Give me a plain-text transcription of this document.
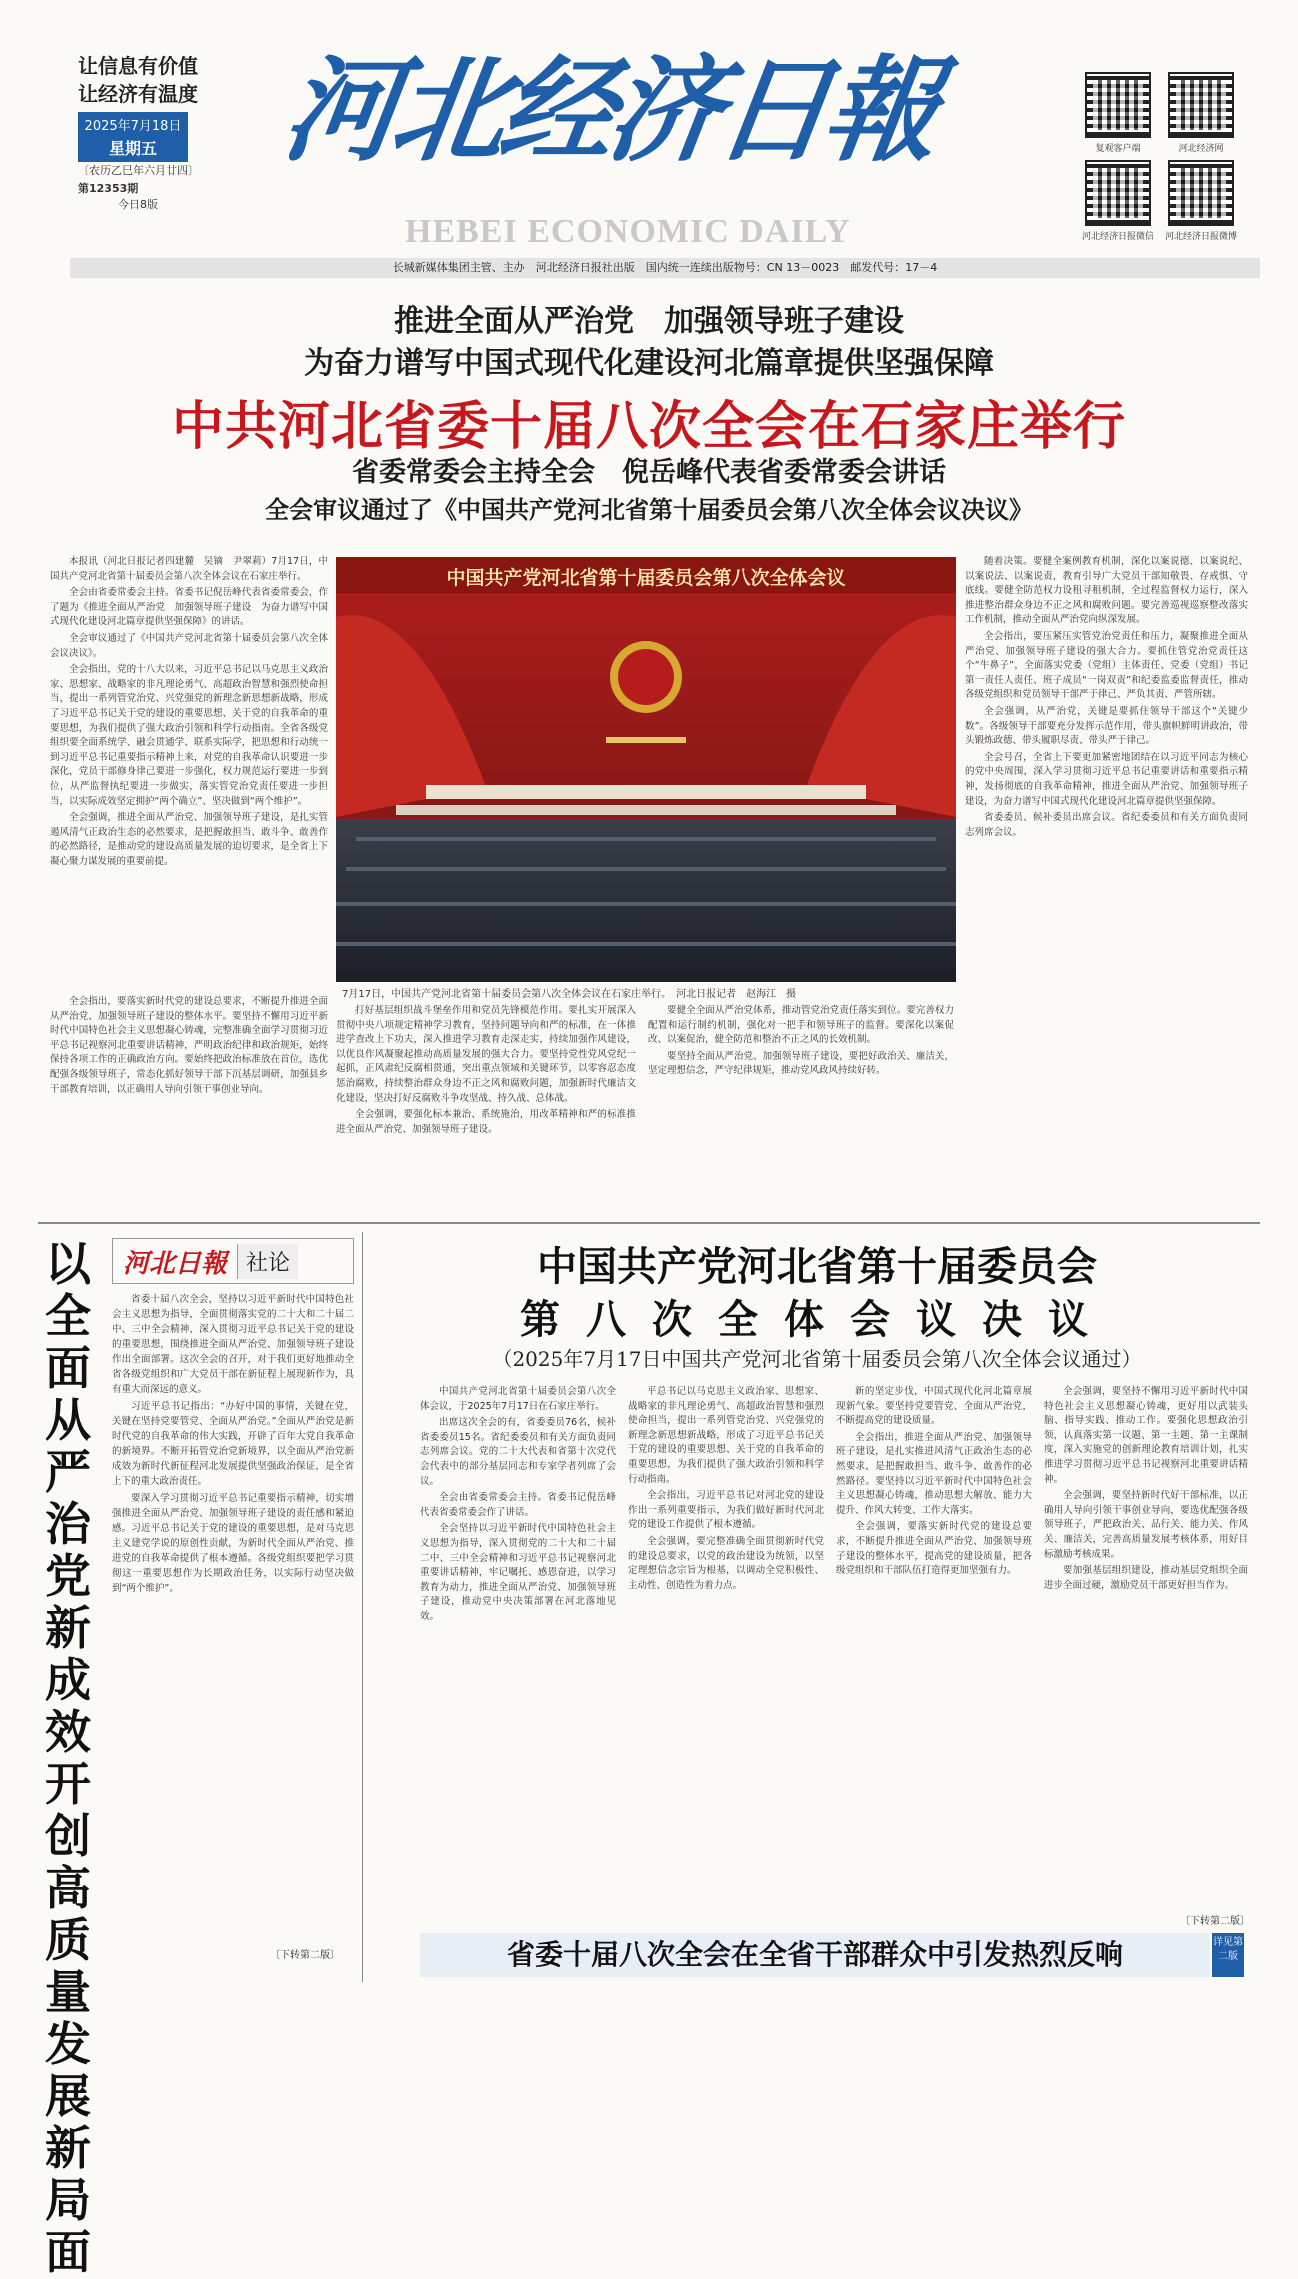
让信息有价值
让经济有温度
2025年7月18日
星期五
〔农历乙巳年六月廿四〕
第12353期
今日8版
河北经济日報
HEBEI ECONOMIC DAILY
复观客户端	河北经济网
河北经济日报微信	河北经济日报微博
长城新媒体集团主管、主办　河北经济日报社出版　国内统一连续出版物号：CN 13－0023　邮发代号：17－4
推进全面从严治党　加强领导班子建设
为奋力谱写中国式现代化建设河北篇章提供坚强保障
中共河北省委十届八次全会在石家庄举行
省委常委会主持全会　倪岳峰代表省委常委会讲话
全会审议通过了《中国共产党河北省第十届委员会第八次全体会议决议》

本报讯（河北日报记者四建麓　吴镝　尹翠莉）7月17日，中国共产党河北省第十届委员会第八次全体会议在石家庄举行。

全会由省委常委会主持。省委书记倪岳峰代表省委常委会，作了题为《推进全面从严治党　加强领导班子建设　为奋力谱写中国式现代化建设河北篇章提供坚强保障》的讲话。

全会审议通过了《中国共产党河北省第十届委员会第八次全体会议决议》。

全会指出，党的十八大以来，习近平总书记以马克思主义政治家、思想家、战略家的非凡理论勇气、高超政治智慧和强烈使命担当，提出一系列管党治党、兴党强党的新理念新思想新战略，形成了习近平总书记关于党的建设的重要思想、关于党的自我革命的重要思想，为我们提供了强大政治引领和科学行动指南。全省各级党组织要全面系统学、融会贯通学、联系实际学，把思想和行动统一到习近平总书记重要指示精神上来，对党的自我革命认识要进一步深化，党员干部修身律己要进一步强化，权力规范运行要进一步到位，从严监督执纪要进一步做实，落实管党治党责任要进一步担当，以实际成效坚定拥护“两个确立”、坚决做到“两个维护”。

全会强调，推进全面从严治党、加强领导班子建设，是扎实管遏风清气正政治生态的必然要求，是把握敢担当、敢斗争、敢善作的必然路径，是推动党的建设高质量发展的迫切要求，是全省上下凝心聚力谋发展的重要前提。

全会指出，要落实新时代党的建设总要求，不断提升推进全面从严治党、加强领导班子建设的整体水平。要坚持不懈用习近平新时代中国特色社会主义思想凝心铸魂，完整准确全面学习贯彻习近平总书记视察河北重要讲话精神，严明政治纪律和政治规矩，始终保持各项工作的正确政治方向。要始终把政治标准放在首位，选优配强各级领导班子，常态化抓好领导干部下沉基层调研，加强县乡干部教育培训，以正确用人导向引领干事创业导向。

中国共产党河北省第十届委员会第八次全体会议
7月17日，中国共产党河北省第十届委员会第八次全体会议在石家庄举行。　河北日报记者　赵海江　摄

打好基层组织战斗堡垒作用和党员先锋模范作用。要扎实开展深入贯彻中央八项规定精神学习教育，坚持问题导向和严的标准，在一体推进学查改上下功夫，深入推进学习教育走深走实，持续加强作风建设，以优良作风凝聚起推动高质量发展的强大合力。要坚持党性党风党纪一起抓，正风肃纪反腐相贯通，突出重点领域和关键环节，以零容忍态度惩治腐败，持续整治群众身边不正之风和腐败问题，加强新时代廉洁文化建设，坚决打好反腐败斗争攻坚战、持久战、总体战。

全会强调，要强化标本兼治、系统施治，用改革精神和严的标准推进全面从严治党、加强领导班子建设。

要健全全面从严治党体系，推动管党治党责任落实到位。要完善权力配置和运行制约机制，强化对一把手和领导班子的监督。要深化以案促改、以案促治，健全防范和整治不正之风的长效机制。

要坚持全面从严治党、加强领导班子建设，要把好政治关、廉洁关，坚定理想信念，严守纪律规矩，推动党风政风持续好转。

随着决策。要健全案例教育机制，深化以案说德、以案说纪、以案说法、以案说责，教育引导广大党员干部知敬畏、存戒惧、守底线。要健全防范权力设租寻租机制，全过程监督权力运行，深入推进整治群众身边不正之风和腐败问题。要完善巡视巡察整改落实工作机制，推动全面从严治党向纵深发展。

全会指出，要压紧压实管党治党责任和压力，凝聚推进全面从严治党、加强领导班子建设的强大合力。要抓住管党治党责任这个“牛鼻子”，全面落实党委（党组）主体责任、党委（党组）书记第一责任人责任、班子成员“一岗双责”和纪委监委监督责任，推动各级党组织和党员领导干部严于律己、严负其责、严管所辖。

全会强调，从严治党，关键是要抓住领导干部这个“关键少数”。各级领导干部要充分发挥示范作用，带头旗帜鲜明讲政治，带头锻炼政德、带头履职尽责、带头严于律己。

全会号召，全省上下要更加紧密地团结在以习近平同志为核心的党中央周围，深入学习贯彻习近平总书记重要讲话和重要指示精神，发扬彻底的自我革命精神，推进全面从严治党、加强领导班子建设，为奋力谱写中国式现代化建设河北篇章提供坚强保障。

省委委员、候补委员出席会议。省纪委委员和有关方面负责同志列席会议。

以全面从严治党新成效开创高质量发展新局面
河北日報 社论

省委十届八次全会，坚持以习近平新时代中国特色社会主义思想为指导，全面贯彻落实党的二十大和二十届二中、三中全会精神，深入贯彻习近平总书记关于党的建设的重要思想，围绕推进全面从严治党、加强领导班子建设作出全面部署。这次全会的召开，对于我们更好地推动全省各级党组织和广大党员干部在新征程上展现新作为，具有重大而深远的意义。

习近平总书记指出：“办好中国的事情，关键在党，关键在坚持党要管党、全面从严治党。”全面从严治党是新时代党的自我革命的伟大实践，开辟了百年大党自我革命的新境界。不断开拓管党治党新境界，以全面从严治党新成效为新时代新征程河北发展提供坚强政治保证，是全省上下的重大政治责任。

要深入学习贯彻习近平总书记重要指示精神，切实增强推进全面从严治党、加强领导班子建设的责任感和紧迫感。习近平总书记关于党的建设的重要思想，是对马克思主义建党学说的原创性贡献，为新时代全面从严治党、推进党的自我革命提供了根本遵循。各级党组织要把学习贯彻这一重要思想作为长期政治任务，以实际行动坚决做到“两个维护”。

〔下转第二版〕
中国共产党河北省第十届委员会
第八次全体会议决议
（2025年7月17日中国共产党河北省第十届委员会第八次全体会议通过）

中国共产党河北省第十届委员会第八次全体会议，于2025年7月17日在石家庄举行。

出席这次全会的有，省委委员76名，候补省委委员15名。省纪委委员和有关方面负责同志列席会议。党的二十大代表和省第十次党代会代表中的部分基层同志和专家学者列席了会议。

全会由省委常委会主持。省委书记倪岳峰代表省委常委会作了讲话。

全会坚持以习近平新时代中国特色社会主义思想为指导，深入贯彻党的二十大和二十届二中、三中全会精神和习近平总书记视察河北重要讲话精神，牢记嘱托、感恩奋进，以学习教育为动力，推进全面从严治党、加强领导班子建设，推动党中央决策部署在河北落地见效。

平总书记以马克思主义政治家、思想家、战略家的非凡理论勇气、高超政治智慧和强烈使命担当，提出一系列管党治党、兴党强党的新理念新思想新战略，形成了习近平总书记关于党的建设的重要思想、关于党的自我革命的重要思想，为我们提供了强大政治引领和科学行动指南。

全会指出，习近平总书记对河北党的建设作出一系列重要指示，为我们做好新时代河北党的建设工作提供了根本遵循。

全会强调，要完整准确全面贯彻新时代党的建设总要求，以党的政治建设为统领，以坚定理想信念宗旨为根基，以调动全党积极性、主动性、创造性为着力点。

新的坚定步伐，中国式现代化河北篇章展现新气象。要坚持党要管党、全面从严治党，不断提高党的建设质量。

全会指出，推进全面从严治党、加强领导班子建设，是扎实推进风清气正政治生态的必然要求，是把握敢担当、敢斗争、敢善作的必然路径。要坚持以习近平新时代中国特色社会主义思想凝心铸魂，推动思想大解放、能力大提升、作风大转变、工作大落实。

全会强调，要落实新时代党的建设总要求，不断提升推进全面从严治党、加强领导班子建设的整体水平，提高党的建设质量，把各级党组织和干部队伍打造得更加坚强有力。

全会强调，要坚持不懈用习近平新时代中国特色社会主义思想凝心铸魂，更好用以武装头脑、指导实践、推动工作。要强化思想政治引领，认真落实第一议题、第一主题、第一主课制度，深入实施党的创新理论教育培训计划，扎实推进学习贯彻习近平总书记视察河北重要讲话精神。

全会强调，要坚持新时代好干部标准，以正确用人导向引领干事创业导向，要选优配强各级领导班子，严把政治关、品行关、能力关、作风关、廉洁关，完善高质量发展考核体系，用好目标激励考核成果。

要加强基层组织建设，推动基层党组织全面进步全面过硬，激励党员干部更好担当作为。

〔下转第二版〕
省委十届八次全会在全省干部群众中引发热烈反响	详见第二版
